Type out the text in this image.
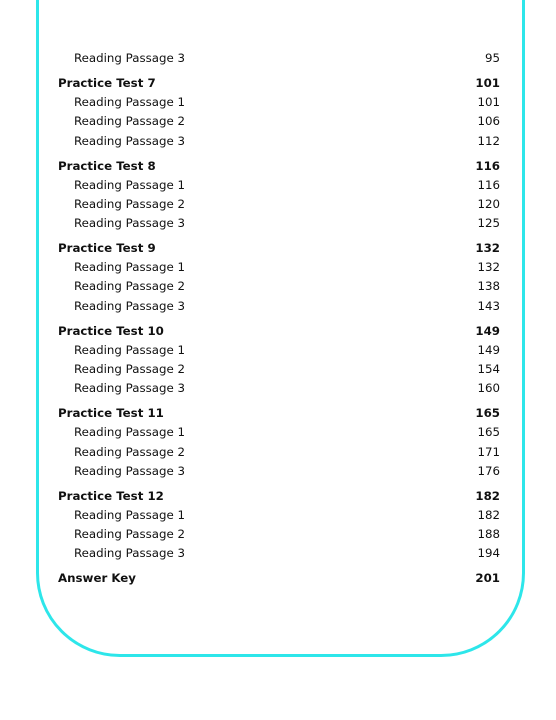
Reading Passage 3	95
Practice Test 7	101
Reading Passage 1	101
Reading Passage 2	106
Reading Passage 3	112
Practice Test 8	116
Reading Passage 1	116
Reading Passage 2	120
Reading Passage 3	125
Practice Test 9	132
Reading Passage 1	132
Reading Passage 2	138
Reading Passage 3	143
Practice Test 10	149
Reading Passage 1	149
Reading Passage 2	154
Reading Passage 3	160
Practice Test 11	165
Reading Passage 1	165
Reading Passage 2	171
Reading Passage 3	176
Practice Test 12	182
Reading Passage 1	182
Reading Passage 2	188
Reading Passage 3	194
Answer Key	201
